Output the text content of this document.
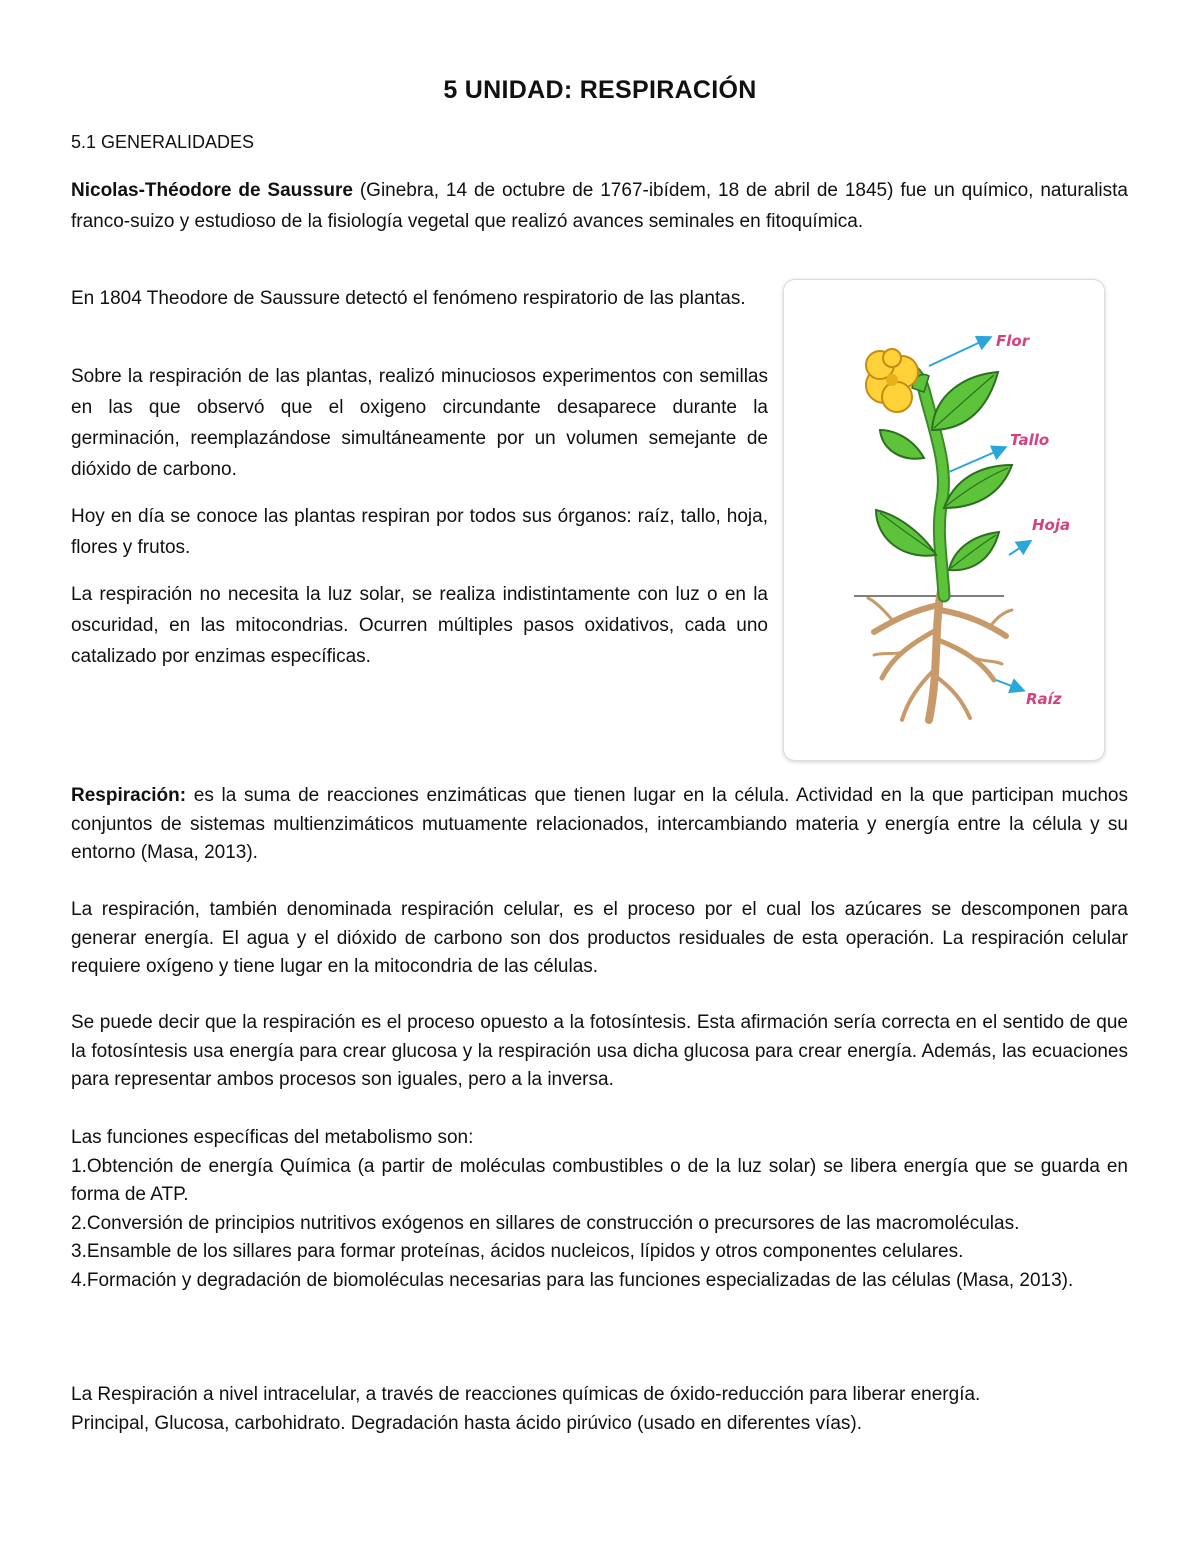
5 UNIDAD: RESPIRACIÓN
5.1 GENERALIDADES

Nicolas-Théodore de Saussure (Ginebra, 14 de octubre de 1767-ibídem, 18 de abril de 1845) fue un químico, naturalista franco-suizo y estudioso de la fisiología vegetal que realizó avances seminales en fitoquímica.

En 1804 Theodore de Saussure detectó el fenómeno respiratorio de las plantas.

Sobre la respiración de las plantas, realizó minuciosos experimentos con semillas en las que observó que el oxigeno circundante desaparece durante la germinación, reemplazándose simultáneamente por un volumen semejante de dióxido de carbono.

Hoy en día se conoce las plantas respiran por todos sus órganos: raíz, tallo, hoja, flores y frutos.

La respiración no necesita la luz solar, se realiza indistintamente con luz o en la oscuridad, en las mitocondrias. Ocurren múltiples pasos oxidativos, cada uno catalizado por enzimas específicas.

Flor
Tallo
Hoja
Raíz

Respiración: es la suma de reacciones enzimáticas que tienen lugar en la célula. Actividad en la que participan muchos conjuntos de sistemas multienzimáticos mutuamente relacionados, intercambiando materia y energía entre la célula y su entorno (Masa, 2013).

La respiración, también denominada respiración celular, es el proceso por el cual los azúcares se descomponen para generar energía. El agua y el dióxido de carbono son dos productos residuales de esta operación. La respiración celular requiere oxígeno y tiene lugar en la mitocondria de las células.

Se puede decir que la respiración es el proceso opuesto a la fotosíntesis. Esta afirmación sería correcta en el sentido de que la fotosíntesis usa energía para crear glucosa y la respiración usa dicha glucosa para crear energía. Además, las ecuaciones para representar ambos procesos son iguales, pero a la inversa.

Las funciones específicas del metabolismo son:
1.Obtención de energía Química (a partir de moléculas combustibles o de la luz solar) se libera energía que se guarda en forma de ATP.
2.Conversión de principios nutritivos exógenos en sillares de construcción o precursores de las macromoléculas.
3.Ensamble de los sillares para formar proteínas, ácidos nucleicos, lípidos y otros componentes celulares.
4.Formación y degradación de biomoléculas necesarias para las funciones especializadas de las células (Masa, 2013).
La Respiración a nivel intracelular, a través de reacciones químicas de óxido-reducción para liberar energía.
Principal, Glucosa, carbohidrato. Degradación hasta ácido pirúvico (usado en diferentes vías).
